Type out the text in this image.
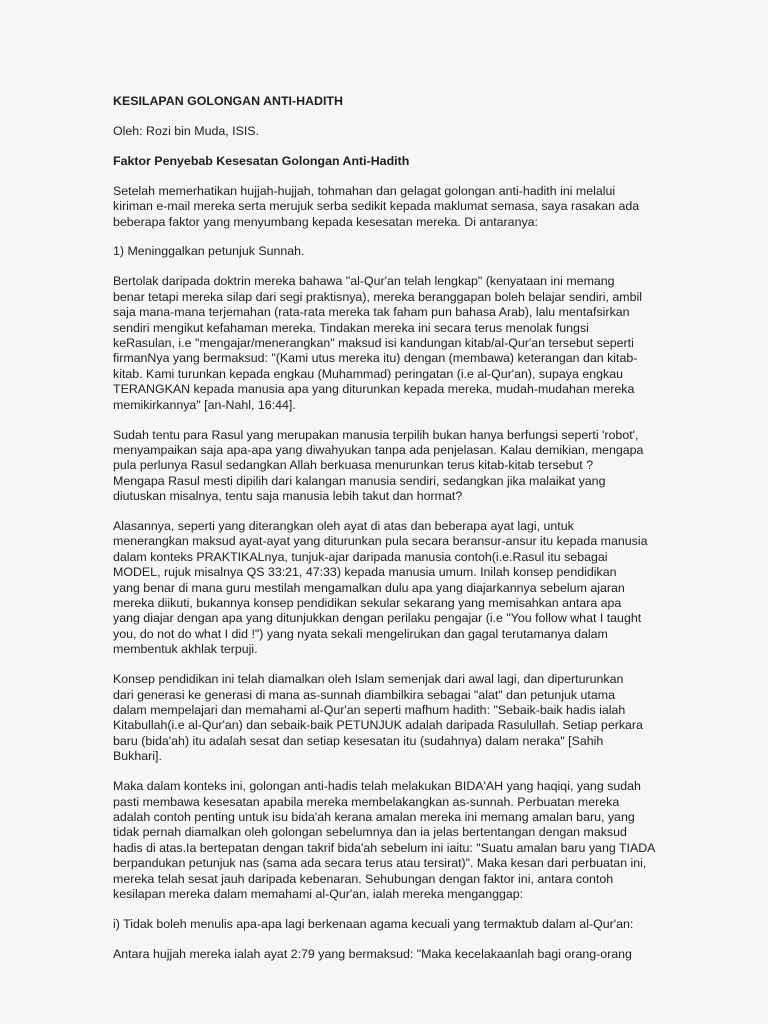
KESILAPAN GOLONGAN ANTI-HADITH
Oleh: Rozi bin Muda, ISIS.
Faktor Penyebab Kesesatan Golongan Anti-Hadith
Setelah memerhatikan hujjah-hujjah, tohmahan dan gelagat golongan anti-hadith ini melalui
kiriman e-mail mereka serta merujuk serba sedikit kepada maklumat semasa, saya rasakan ada
beberapa faktor yang menyumbang kepada kesesatan mereka. Di antaranya:
1) Meninggalkan petunjuk Sunnah.
Bertolak daripada doktrin mereka bahawa "al-Qur'an telah lengkap" (kenyataan ini memang
benar tetapi mereka silap dari segi praktisnya), mereka beranggapan boleh belajar sendiri, ambil
saja mana-mana terjemahan (rata-rata mereka tak faham pun bahasa Arab), lalu mentafsirkan
sendiri mengikut kefahaman mereka. Tindakan mereka ini secara terus menolak fungsi
keRasulan, i.e "mengajar/menerangkan" maksud isi kandungan kitab/al-Qur'an tersebut seperti
firmanNya yang bermaksud: "(Kami utus mereka itu) dengan (membawa) keterangan dan kitab-
kitab. Kami turunkan kepada engkau (Muhammad) peringatan (i.e al-Qur'an), supaya engkau
TERANGKAN kepada manusia apa yang diturunkan kepada mereka, mudah-mudahan mereka
memikirkannya" [an-Nahl, 16:44].
Sudah tentu para Rasul yang merupakan manusia terpilih bukan hanya berfungsi seperti 'robot',
menyampaikan saja apa-apa yang diwahyukan tanpa ada penjelasan. Kalau demikian, mengapa
pula perlunya Rasul sedangkan Allah berkuasa menurunkan terus kitab-kitab tersebut ?
Mengapa Rasul mesti dipilih dari kalangan manusia sendiri, sedangkan jika malaikat yang
diutuskan misalnya, tentu saja manusia lebih takut dan hormat?
Alasannya, seperti yang diterangkan oleh ayat di atas dan beberapa ayat lagi, untuk
menerangkan maksud ayat-ayat yang diturunkan pula secara beransur-ansur itu kepada manusia
dalam konteks PRAKTIKALnya, tunjuk-ajar daripada manusia contoh(i.e.Rasul itu sebagai
MODEL, rujuk misalnya QS 33:21, 47:33) kepada manusia umum. Inilah konsep pendidikan
yang benar di mana guru mestilah mengamalkan dulu apa yang diajarkannya sebelum ajaran
mereka diikuti, bukannya konsep pendidikan sekular sekarang yang memisahkan antara apa
yang diajar dengan apa yang ditunjukkan dengan perilaku pengajar (i.e "You follow what I taught
you, do not do what I did !") yang nyata sekali mengelirukan dan gagal terutamanya dalam
membentuk akhlak terpuji.
Konsep pendidikan ini telah diamalkan oleh Islam semenjak dari awal lagi, dan diperturunkan
dari generasi ke generasi di mana as-sunnah diambilkira sebagai "alat" dan petunjuk utama
dalam mempelajari dan memahami al-Qur'an seperti mafhum hadith: "Sebaik-baik hadis ialah
Kitabullah(i.e al-Qur'an) dan sebaik-baik PETUNJUK adalah daripada Rasulullah. Setiap perkara
baru (bida'ah) itu adalah sesat dan setiap kesesatan itu (sudahnya) dalam neraka" [Sahih
Bukhari].
Maka dalam konteks ini, golongan anti-hadis telah melakukan BIDA'AH yang haqiqi, yang sudah
pasti membawa kesesatan apabila mereka membelakangkan as-sunnah. Perbuatan mereka
adalah contoh penting untuk isu bida'ah kerana amalan mereka ini memang amalan baru, yang
tidak pernah diamalkan oleh golongan sebelumnya dan ia jelas bertentangan dengan maksud
hadis di atas.Ia bertepatan dengan takrif bida'ah sebelum ini iaitu: "Suatu amalan baru yang TIADA
berpandukan petunjuk nas (sama ada secara terus atau tersirat)". Maka kesan dari perbuatan ini,
mereka telah sesat jauh daripada kebenaran. Sehubungan dengan faktor ini, antara contoh
kesilapan mereka dalam memahami al-Qur'an, ialah mereka menganggap:
i) Tidak boleh menulis apa-apa lagi berkenaan agama kecuali yang termaktub dalam al-Qur'an:
Antara hujjah mereka ialah ayat 2:79 yang bermaksud: "Maka kecelakaanlah bagi orang-orang
